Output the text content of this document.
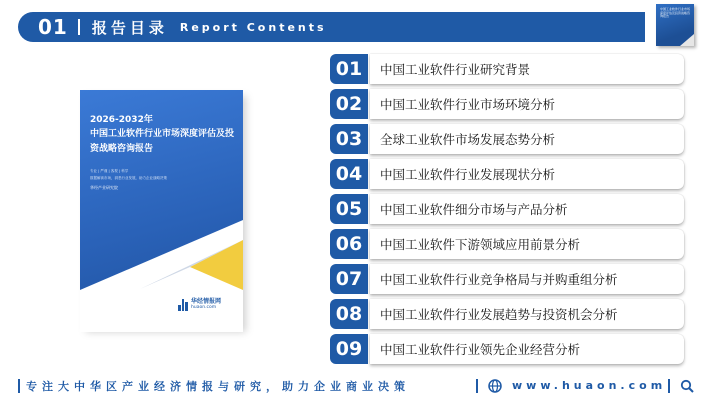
01 报告目录 Report Contents
中国工业软件行业市场深度评估及投资战略咨询报告
2026-2032年
中国工业软件行业市场深度评估及投资战略咨询报告
专业 | 严谨 | 客观 | 科学
数据解读市场，洞悉行业发展，助力企业战略决策
华经产业研究院
华经情报网
huaon.com
01	中国工业软件行业研究背景
02	中国工业软件行业市场环境分析
03	全球工业软件市场发展态势分析
04	中国工业软件行业发展现状分析
05	中国工业软件细分市场与产品分析
06	中国工业软件下游领域应用前景分析
07	中国工业软件行业竞争格局与并购重组分析
08	中国工业软件行业发展趋势与投资机会分析
09	中国工业软件行业领先企业经营分析
专注大中华区产业经济情报与研究，助力企业商业决策	www.huaon.com
